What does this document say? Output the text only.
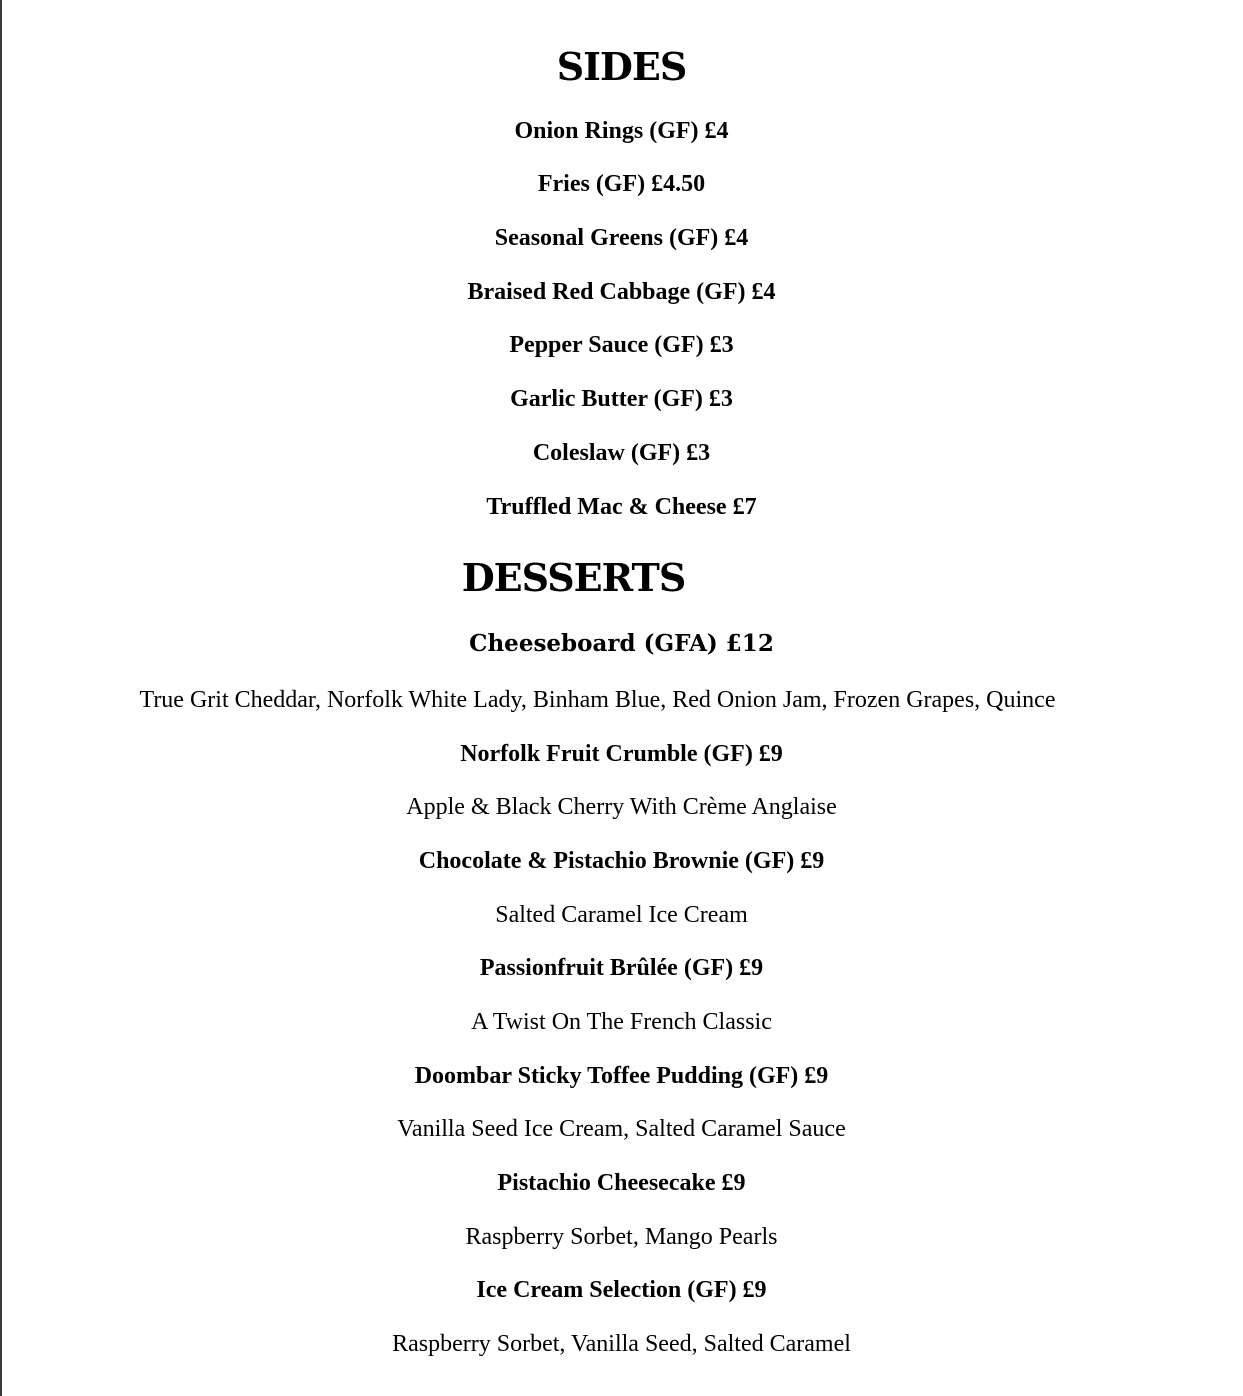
SIDES
Onion Rings (GF) £4
Fries (GF) £4.50
Seasonal Greens (GF) £4
Braised Red Cabbage (GF) £4
Pepper Sauce (GF) £3
Garlic Butter (GF) £3
Coleslaw (GF) £3
Truffled Mac & Cheese £7
DESSERTS
Cheeseboard (GFA) £12
True Grit Cheddar, Norfolk White Lady, Binham Blue, Red Onion Jam, Frozen Grapes, Quince
Norfolk Fruit Crumble (GF) £9
Apple & Black Cherry With Crème Anglaise
Chocolate & Pistachio Brownie (GF) £9
Salted Caramel Ice Cream
Passionfruit Brûlée (GF) £9
A Twist On The French Classic
Doombar Sticky Toffee Pudding (GF) £9
Vanilla Seed Ice Cream, Salted Caramel Sauce
Pistachio Cheesecake £9
Raspberry Sorbet, Mango Pearls
Ice Cream Selection (GF) £9
Raspberry Sorbet, Vanilla Seed, Salted Caramel
